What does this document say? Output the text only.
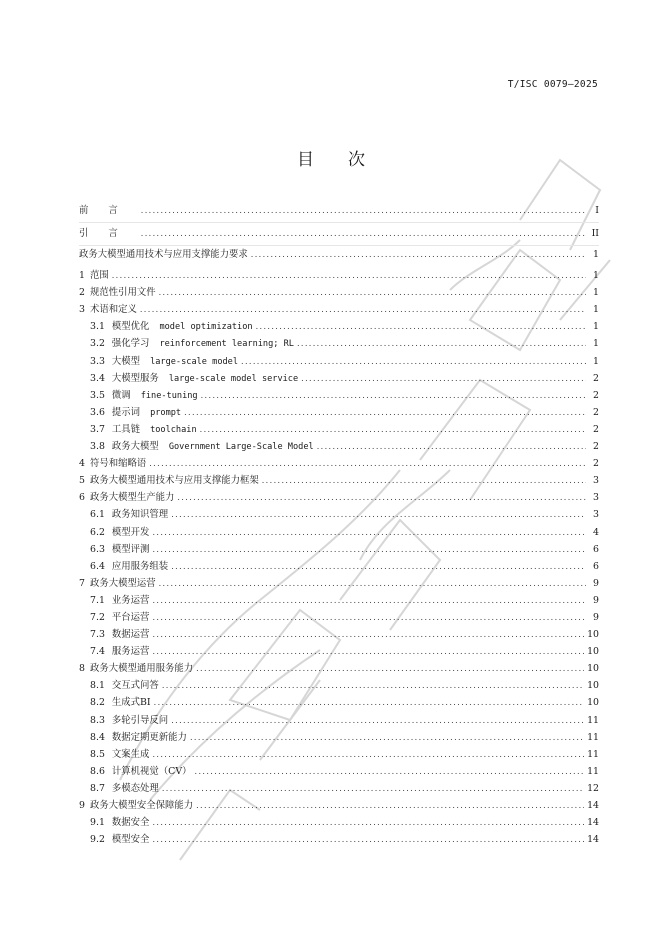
T/ISC 0079—2025
目 次
前言 .....	I
引言 .....	II
政务大模型通用技术与应用支撑能力要求 .....	1
1 范围 .....	1
2 规范性引用文件 .....	1
3 术语和定义 .....	1
3.1 模型优化 model optimization .....	1
3.2 强化学习 reinforcement learning; RL .....	1
3.3 大模型 large-scale model .....	1
3.4 大模型服务 large-scale model service .....	2
3.5 微调 fine-tuning .....	2
3.6 提示词 prompt .....	2
3.7 工具链 toolchain .....	2
3.8 政务大模型 Government Large-Scale Model .....	2
4 符号和缩略语 .....	2
5 政务大模型通用技术与应用支撑能力框架 .....	3
6 政务大模型生产能力 .....	3
6.1 政务知识管理 .....	3
6.2 模型开发 .....	4
6.3 模型评测 .....	6
6.4 应用服务组装 .....	6
7 政务大模型运营 .....	9
7.1 业务运营 .....	9
7.2 平台运营 .....	9
7.3 数据运营 .....	10
7.4 服务运营 .....	10
8 政务大模型通用服务能力 .....	10
8.1 交互式问答 .....	10
8.2 生成式BI .....	10
8.3 多轮引导反问 .....	11
8.4 数据定期更新能力 .....	11
8.5 文案生成 .....	11
8.6 计算机视觉（CV） .....	11
8.7 多模态处理 .....	12
9 政务大模型安全保障能力 .....	14
9.1 数据安全 .....	14
9.2 模型安全 .....	14
